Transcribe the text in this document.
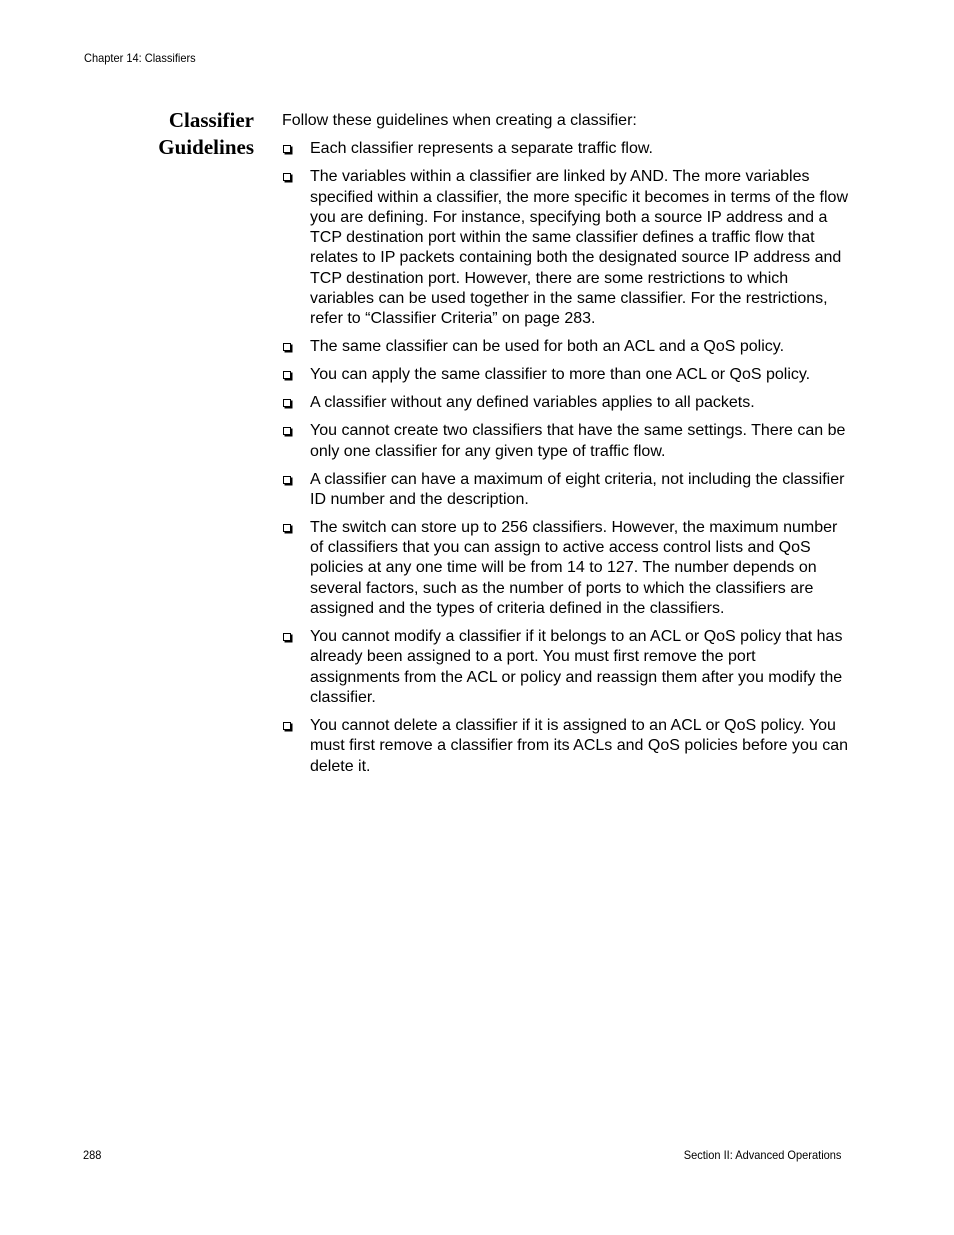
Chapter 14: Classifiers
Classifier
Guidelines

Follow these guidelines when creating a classifier:

Each classifier represents a separate traffic flow.
The variables within a classifier are linked by AND. The more variables specified within a classifier, the more specific it becomes in terms of the flow you are defining. For instance, specifying both a source IP address and a TCP destination port within the same classifier defines a traffic flow that relates to IP packets containing both the designated source IP address and TCP destination port. However, there are some restrictions to which variables can be used together in the same classifier. For the restrictions, refer to “Classifier Criteria” on page 283.
The same classifier can be used for both an ACL and a QoS policy.
You can apply the same classifier to more than one ACL or QoS policy.
A classifier without any defined variables applies to all packets.
You cannot create two classifiers that have the same settings. There can be only one classifier for any given type of traffic flow.
A classifier can have a maximum of eight criteria, not including the classifier ID number and the description.
The switch can store up to 256 classifiers. However, the maximum number of classifiers that you can assign to active access control lists and QoS policies at any one time will be from 14 to 127. The number depends on several factors, such as the number of ports to which the classifiers are assigned and the types of criteria defined in the classifiers.
You cannot modify a classifier if it belongs to an ACL or QoS policy that has already been assigned to a port. You must first remove the port assignments from the ACL or policy and reassign them after you modify the classifier.
You cannot delete a classifier if it is assigned to an ACL or QoS policy. You must first remove a classifier from its ACLs and QoS policies before you can delete it.
288	Section II: Advanced Operations
